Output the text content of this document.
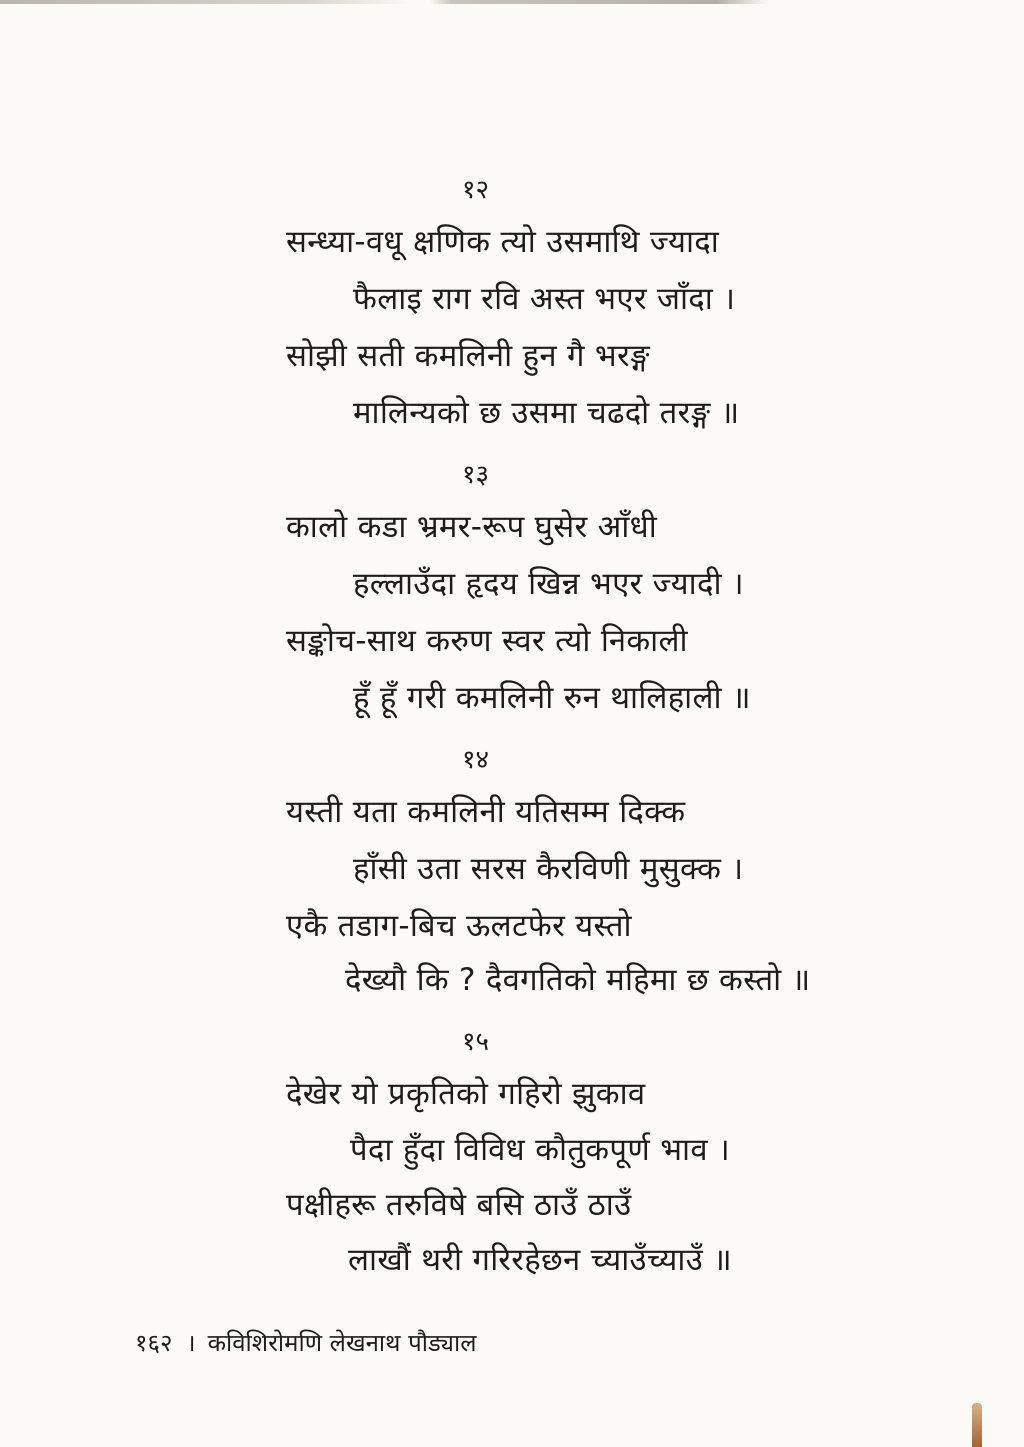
१२
सन्ध्या-वधू क्षणिक त्यो उसमाथि ज्यादा
फैलाइ राग रवि अस्त भएर जाँदा ।
सोझी सती कमलिनी हुन गै भरङ्ग
मालिन्यको छ उसमा चढदो तरङ्ग ॥
१३
कालो कडा भ्रमर-रूप घुसेर आँधी
हल्लाउँदा हृदय खिन्न भएर ज्यादी ।
सङ्कोच-साथ करुण स्वर त्यो निकाली
हूँ हूँ गरी कमलिनी रुन थालिहाली ॥
१४
यस्ती यता कमलिनी यतिसम्म दिक्क
हाँसी उता सरस कैरविणी मुसुक्क ।
एकै तडाग-बिच ऊलटफेर यस्तो
देख्यौ कि ? दैवगतिको महिमा छ कस्तो ॥
१५
देखेर यो प्रकृतिको गहिरो झुकाव
पैदा हुँदा विविध कौतुकपूर्ण भाव ।
पक्षीहरू तरुविषे बसि ठाउँ ठाउँ
लाखौं थरी गरिरहेछन च्याउँच्याउँ ॥
१६२ । कविशिरोमणि लेखनाथ पौड्याल
